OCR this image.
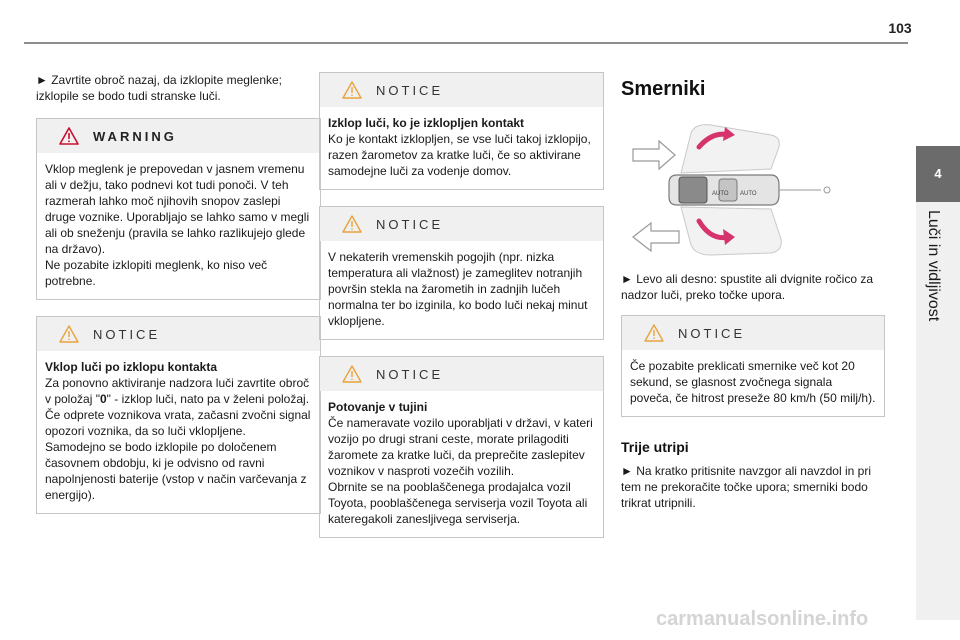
103
4
Luči in vidljivost

► Zavrtite obroč nazaj, da izklopite meglenke; izklopile se bodo tudi stranske luči.

WARNING

Vklop meglenk je prepovedan v jasnem vremenu ali v dežju, tako podnevi kot tudi ponoči. V teh razmerah lahko moč njihovih snopov zaslepi druge voznike. Uporabljajo se lahko samo v megli ali ob sneženju (pravila se lahko razlikujejo glede na državo).

Ne pozabite izklopiti meglenk, ko niso več potrebne.

NOTICE

Vklop luči po izklopu kontakta

Za ponovno aktiviranje nadzora luči zavrtite obroč v položaj "0" - izklop luči, nato pa v želeni položaj.

Če odprete voznikova vrata, začasni zvočni signal opozori voznika, da so luči vklopljene.

Samodejno se bodo izklopile po določenem časovnem obdobju, ki je odvisno od ravni napolnjenosti baterije (vstop v način varčevanja z energijo).

NOTICE

Izklop luči, ko je izklopljen kontakt

Ko je kontakt izklopljen, se vse luči takoj izklopijo, razen žarometov za kratke luči, če so aktivirane samodejne luči za vodenje domov.

NOTICE

V nekaterih vremenskih pogojih (npr. nizka temperatura ali vlažnost) je zameglitev notranjih površin stekla na žarometih in zadnjih lučeh normalna ter bo izginila, ko bodo luči nekaj minut vklopljene.

NOTICE

Potovanje v tujini

Če nameravate vozilo uporabljati v državi, v kateri vozijo po drugi strani ceste, morate prilagoditi žaromete za kratke luči, da preprečite zaslepitev voznikov v nasproti vozečih vozilih.

Obrnite se na pooblaščenega prodajalca vozil Toyota, pooblaščenega serviserja vozil Toyota ali kateregakoli zanesljivega serviserja.

Smerniki
AUTO AUTO

► Levo ali desno: spustite ali dvignite ročico za nadzor luči, preko točke upora.

NOTICE

Če pozabite preklicati smernike več kot 20 sekund, se glasnost zvočnega signala poveča, če hitrost preseže 80 km/h (50 milj/h).

Trije utripi

► Na kratko pritisnite navzgor ali navzdol in pri tem ne prekoračite točke upora; smerniki bodo trikrat utripnili.

carmanualsonline.info
